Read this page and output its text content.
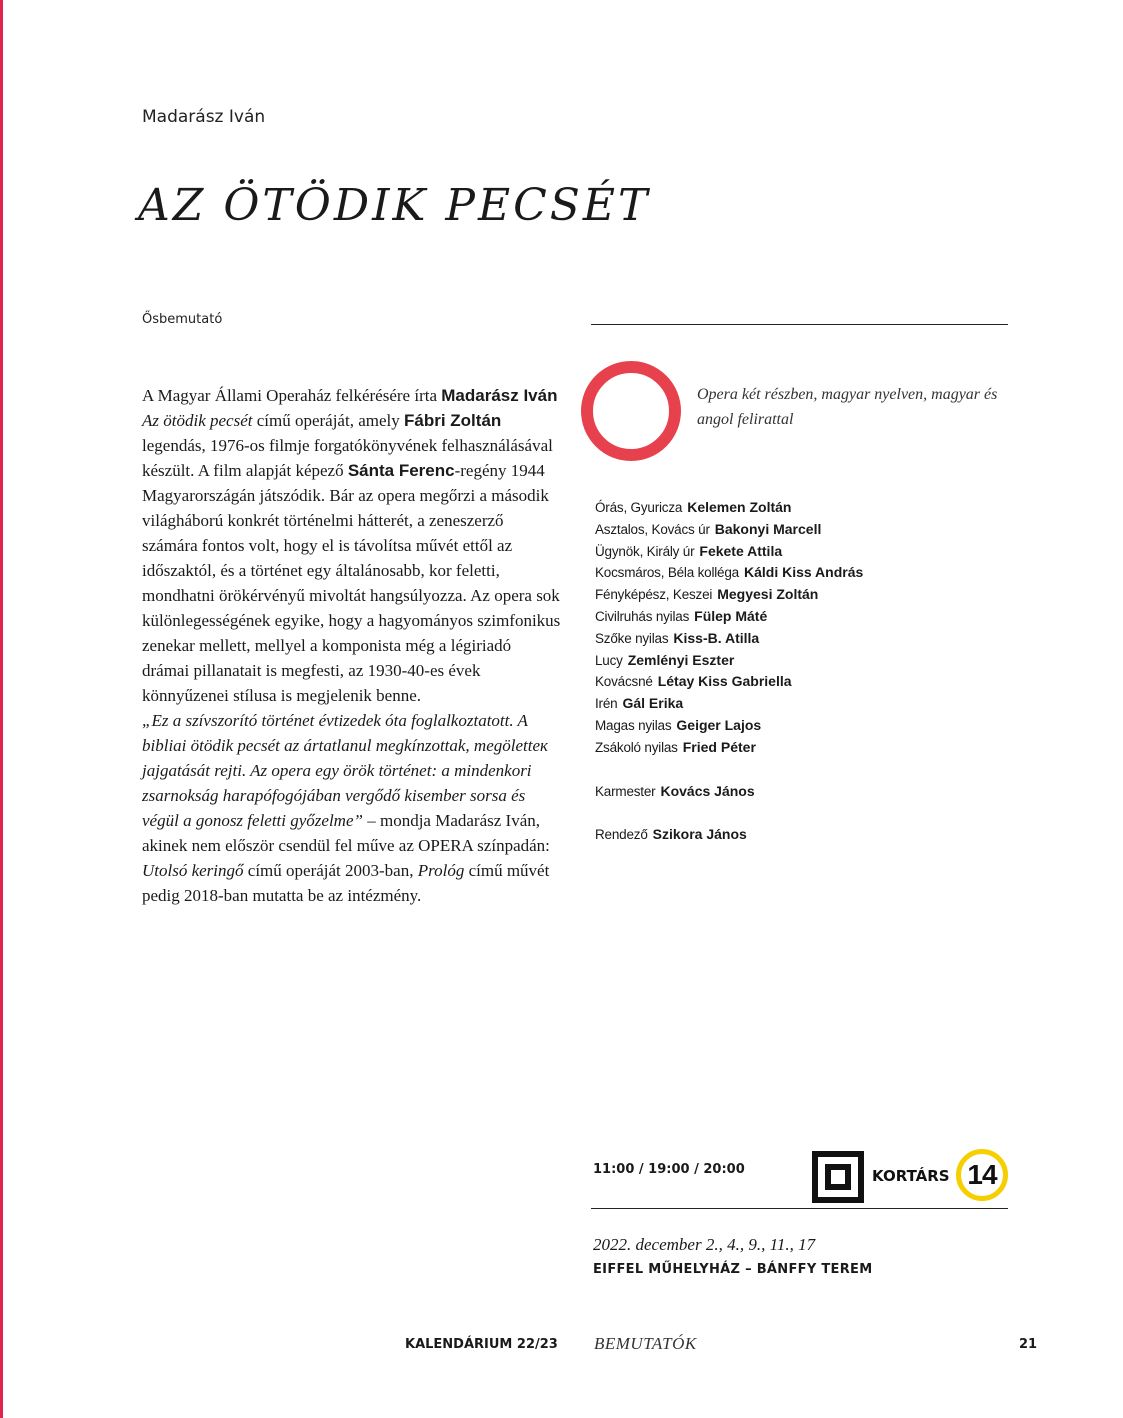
Madarász Iván
AZ ÖTÖDIK PECSÉT
Ősbemutató

A Magyar Állami Operaház felkérésére írta Madarász Iván Az ötödik pecsét című operáját, amely Fábri Zoltán legendás, 1976-os filmje forgatókönyvének felhasználásával készült. A film alapját képező Sánta Ferenc-regény 1944 Magyarországán játszódik. Bár az opera megőrzi a második világháború konkrét történelmi hátterét, a zeneszerző számára fontos volt, hogy el is távolítsa művét ettől az időszaktól, és a történet egy általánosabb, kor feletti, mondhatni örökérvényű mivoltát hangsúlyozza. Az opera sok különlegességének egyike, hogy a hagyományos szimfonikus zenekar mellett, mellyel a komponista még a légiriadó drámai pillanatait is megfesti, az 1930-40-es évek könnyűzenei stílusa is megjelenik benne.

„Ez a szívszorító történet évtizedek óta foglalkoztatott. A bibliai ötödik pecsét az ártatlanul megkínzottak, megöletteк jajgatását rejti. Az opera egy örök történet: a mindenkori zsarnokság harapófogójában vergődő kisember sorsa és végül a gonosz feletti győzelme” – mondja Madarász Iván, akinek nem először csendül fel műve az OPERA színpadán: Utolsó keringő című operáját 2003-ban, Prológ című művét pedig 2018-ban mutatta be az intézmény.

Opera két részben, magyar nyelven, magyar és angol felirattal
Órás, Gyuricza Kelemen Zoltán
Asztalos, Kovács úr Bakonyi Marcell
Ügynök, Király úr Fekete Attila
Kocsmáros, Béla kolléga Káldi Kiss András
Fényképész, Keszei Megyesi Zoltán
Civilruhás nyilas Fülep Máté
Szőke nyilas Kiss-B. Atilla
Lucy Zemlényi Eszter
Kovácsné Létay Kiss Gabriella
Irén Gál Erika
Magas nyilas Geiger Lajos
Zsákoló nyilas Fried Péter
Karmester Kovács János
Rendező Szikora János
11:00 / 19:00 / 20:00	KORTÁRS 14
2022. december 2., 4., 9., 11., 17
EIFFEL MŰHELYHÁZ – BÁNFFY TEREM
KALENDÁRIUM 22/23 BEMUTATÓK	21
